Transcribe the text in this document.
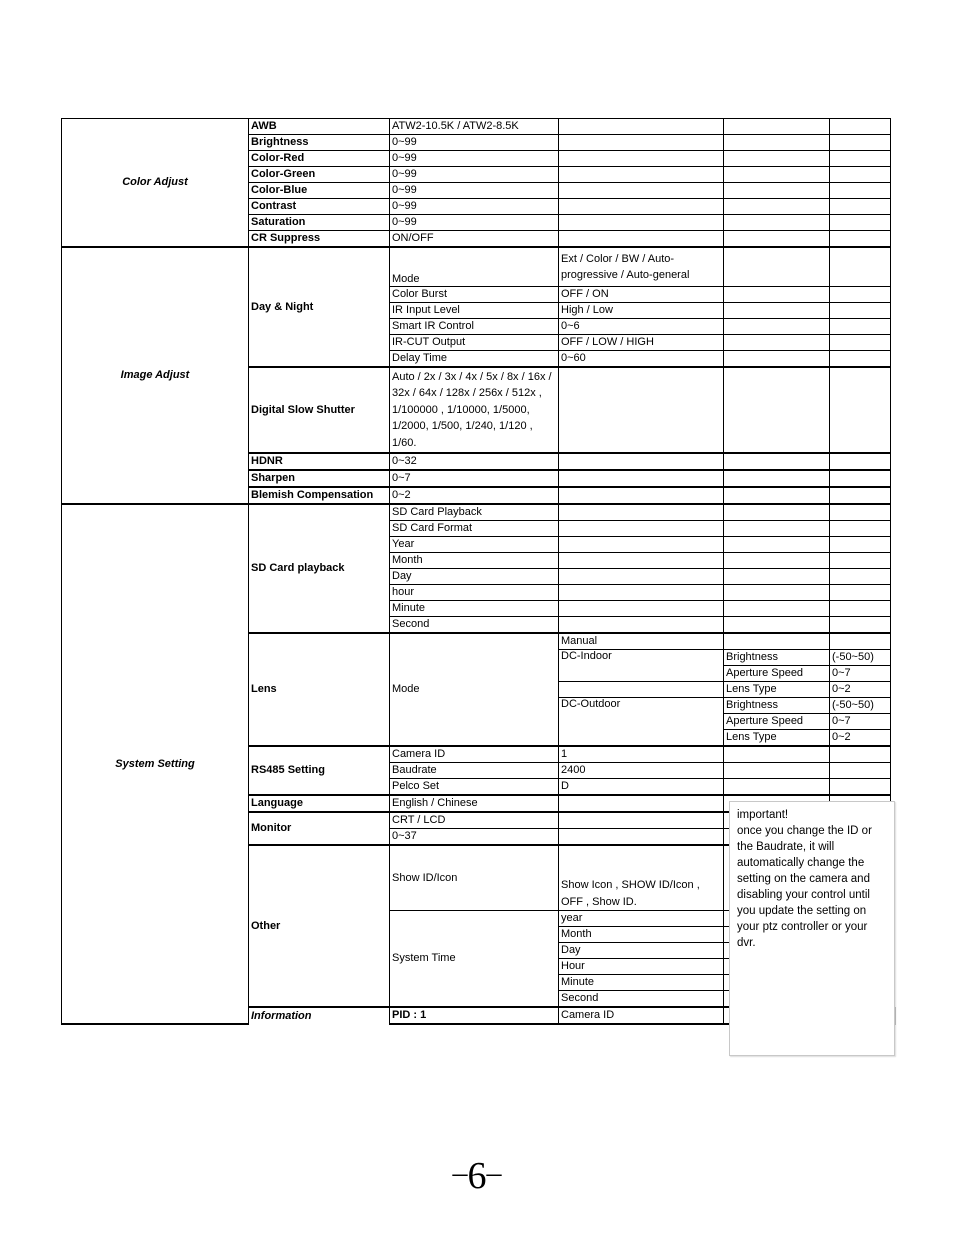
Color Adjust	AWB	ATW2-10.5K / ATW2-8.5K				
	Brightness	0~99				
	Color-Red	0~99				
	Color-Green	0~99				
	Color-Blue	0~99				
	Contrast	0~99				
	Saturation	0~99				
	CR Suppress	ON/OFF				
Image Adjust	Day & Night	Mode	Ext / Color / BW / Auto-progressive / Auto-general			
		Color Burst	OFF / ON			
		IR Input Level	High / Low			
		Smart IR Control	0~6			
		IR-CUT Output	OFF / LOW / HIGH			
		Delay Time	0~60			
	Digital Slow Shutter	Auto / 2x / 3x / 4x / 5x / 8x / 16x / 32x / 64x / 128x / 256x / 512x , 1/100000 , 1/10000, 1/5000, 1/2000, 1/500, 1/240, 1/120 , 1/60.				
	HDNR	0~32				
	Sharpen	0~7				
	Blemish Compensation	0~2				
System Setting	SD Card playback	SD Card Playback				
		SD Card Format				
		Year				
		Month				
		Day				
		hour				
		Minute				
		Second				
	Lens	Mode	Manual			
			DC-Indoor	Brightness	(-50~50)	
				Aperture Speed	0~7	
				Lens Type	0~2	
			DC-Outdoor	Brightness	(-50~50)	
				Aperture Speed	0~7	
				Lens Type	0~2	
	RS485 Setting	Camera ID	1			
		Baudrate	2400			
		Pelco Set	D			
	Language	English / Chinese				
	Monitor	CRT / LCD				
		0~37				
	Other	Show ID/Icon	Show Icon , SHOW ID/Icon , OFF , Show ID.			
		System Time	year			
			Month			
			Day			
			Hour			
			Minute			
			Second			
	Information	PID : 1	Camera ID			
important!
once you change the ID or
the Baudrate, it will
automatically change the
setting on the camera and
disabling your control until
you update the setting on
your ptz controller or your
dvr.
–6–
